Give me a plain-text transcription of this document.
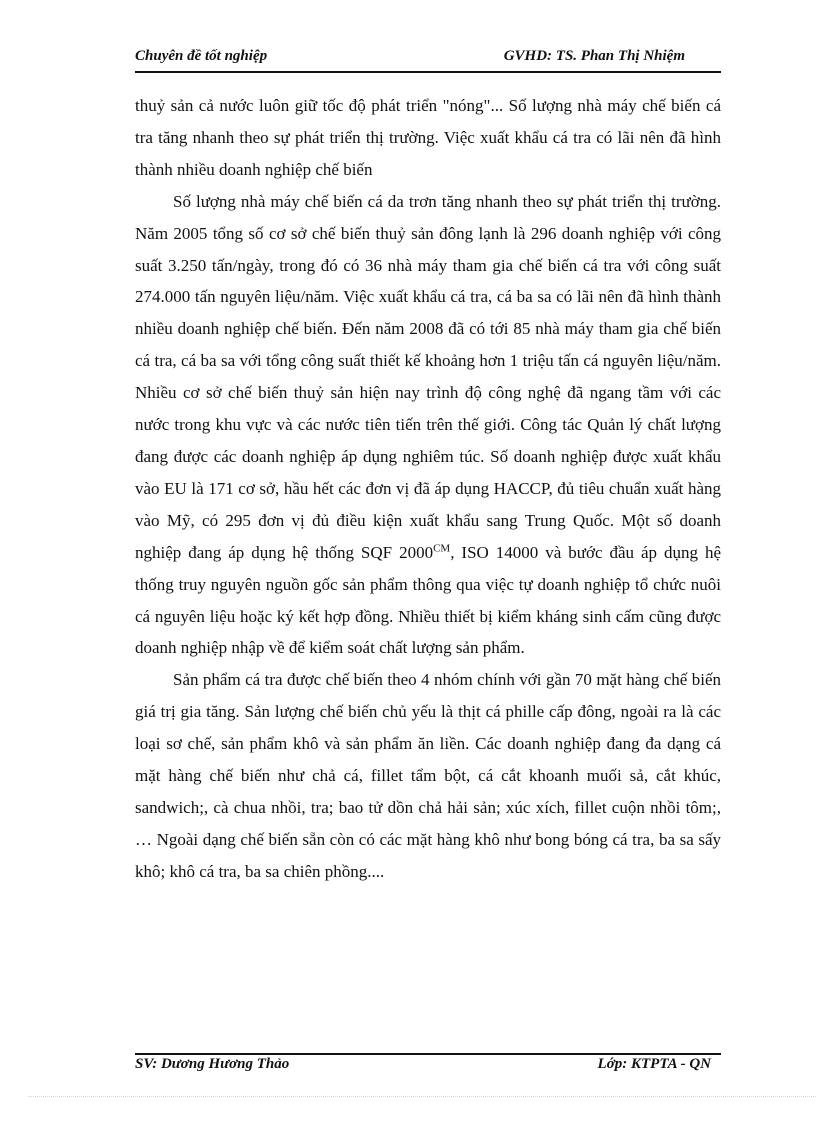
Chuyên đề tốt nghiệp	GVHD: TS. Phan Thị Nhiệm

thuỷ sản cả nước luôn giữ tốc độ phát triển "nóng"... Số lượng nhà máy chế biến cá tra tăng nhanh theo sự phát triển thị trường. Việc xuất khẩu cá tra có lãi nên đã hình thành nhiều doanh nghiệp chế biến

Số lượng nhà máy chế biến cá da trơn tăng nhanh theo sự phát triển thị trường. Năm 2005 tổng số cơ sở chế biến thuỷ sản đông lạnh là 296 doanh nghiệp với công suất 3.250 tấn/ngày, trong đó có 36 nhà máy tham gia chế biến cá tra với công suất 274.000 tấn nguyên liệu/năm. Việc xuất khẩu cá tra, cá ba sa có lãi nên đã hình thành nhiều doanh nghiệp chế biến. Đến năm 2008 đã có tới 85 nhà máy tham gia chế biến cá tra, cá ba sa với tổng công suất thiết kế khoảng hơn 1 triệu tấn cá nguyên liệu/năm. Nhiều cơ sở chế biến thuỷ sản hiện nay trình độ công nghệ đã ngang tầm với các nước trong khu vực và các nước tiên tiến trên thế giới. Công tác Quản lý chất lượng đang được các doanh nghiệp áp dụng nghiêm túc. Số doanh nghiệp được xuất khẩu vào EU là 171 cơ sở, hầu hết các đơn vị đã áp dụng HACCP, đủ tiêu chuẩn xuất hàng vào Mỹ, có 295 đơn vị đủ điều kiện xuất khẩu sang Trung Quốc. Một số doanh nghiệp đang áp dụng hệ thống SQF $2000^{CM}$, ISO 14000 và bước đầu áp dụng hệ thống truy nguyên nguồn gốc sản phẩm thông qua việc tự doanh nghiệp tổ chức nuôi cá nguyên liệu hoặc ký kết hợp đồng. Nhiều thiết bị kiểm kháng sinh cấm cũng được doanh nghiệp nhập về để kiểm soát chất lượng sản phẩm.

Sản phẩm cá tra được chế biến theo 4 nhóm chính với gần 70 mặt hàng chế biến giá trị gia tăng. Sản lượng chế biến chủ yếu là thịt cá phille cấp đông, ngoài ra là các loại sơ chế, sản phẩm khô và sản phẩm ăn liền. Các doanh nghiệp đang đa dạng cá mặt hàng chế biến như chả cá, fillet tẩm bột, cá cắt khoanh muối sả, cắt khúc, sandwich;, cà chua nhồi, tra; bao tử dồn chả hải sản; xúc xích, fillet cuộn nhồi tôm;, … Ngoài dạng chế biến sẵn còn có các mặt hàng khô như bong bóng cá tra, ba sa sấy khô; khô cá tra, ba sa chiên phồng....

SV: Dương Hương Thảo	Lớp: KTPTA - QN
